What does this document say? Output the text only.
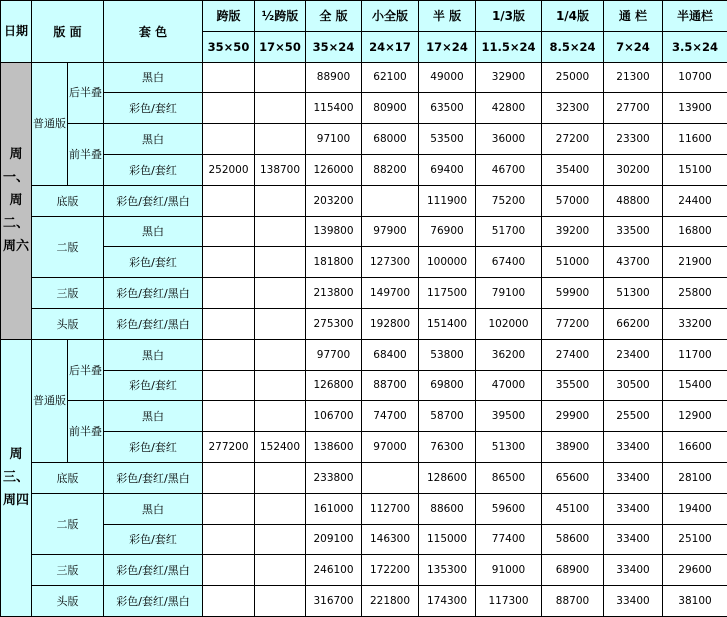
日期	版 面		套 色	跨版	½跨版	全 版	小全版	半 版	1/3版	1/4版	通 栏	半通栏
				35×50	17×50	35×24	24×17	17×24	11.5×24	8.5×24	7×24	3.5×24
周一、周二、周六	普通版	后半叠	黑白			88900	62100	49000	32900	25000	21300	10700
			彩色/套红			115400	80900	63500	42800	32300	27700	13900
		前半叠	黑白			97100	68000	53500	36000	27200	23300	11600
			彩色/套红	252000	138700	126000	88200	69400	46700	35400	30200	15100
	底版		彩色/套红/黑白			203200		111900	75200	57000	48800	24400
	二版		黑白			139800	97900	76900	51700	39200	33500	16800
			彩色/套红			181800	127300	100000	67400	51000	43700	21900
	三版		彩色/套红/黑白			213800	149700	117500	79100	59900	51300	25800
	头版		彩色/套红/黑白			275300	192800	151400	102000	77200	66200	33200
周三、周四	普通版	后半叠	黑白			97700	68400	53800	36200	27400	23400	11700
			彩色/套红			126800	88700	69800	47000	35500	30500	15400
		前半叠	黑白			106700	74700	58700	39500	29900	25500	12900
			彩色/套红	277200	152400	138600	97000	76300	51300	38900	33400	16600
	底版		彩色/套红/黑白			233800		128600	86500	65600	33400	28100
	二版		黑白			161000	112700	88600	59600	45100	33400	19400
			彩色/套红			209100	146300	115000	77400	58600	33400	25100
	三版		彩色/套红/黑白			246100	172200	135300	91000	68900	33400	29600
	头版		彩色/套红/黑白			316700	221800	174300	117300	88700	33400	38100
